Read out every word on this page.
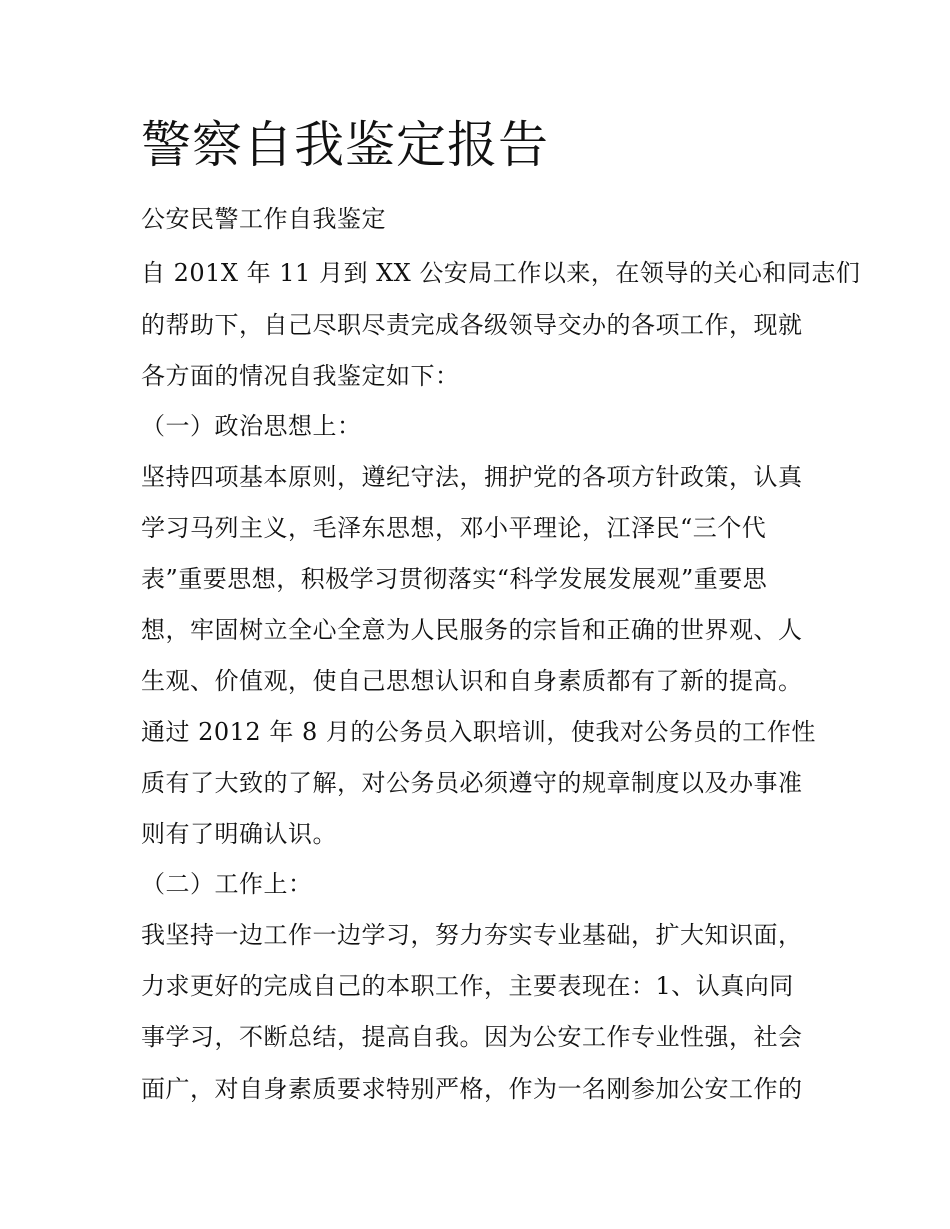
警察自我鉴定报告
公安民警工作自我鉴定
自 201X 年 11 月到 XX 公安局工作以来，在领导的关心和同志们
的帮助下，自己尽职尽责完成各级领导交办的各项工作，现就
各方面的情况自我鉴定如下：
（一）政治思想上：
坚持四项基本原则，遵纪守法，拥护党的各项方针政策，认真
学习马列主义，毛泽东思想，邓小平理论，江泽民“三个代
表”重要思想，积极学习贯彻落实“科学发展发展观”重要思
想，牢固树立全心全意为人民服务的宗旨和正确的世界观、人
生观、价值观，使自己思想认识和自身素质都有了新的提高。
通过 2012 年 8 月的公务员入职培训，使我对公务员的工作性
质有了大致的了解，对公务员必须遵守的规章制度以及办事准
则有了明确认识。
（二）工作上：
我坚持一边工作一边学习，努力夯实专业基础，扩大知识面，
力求更好的完成自己的本职工作，主要表现在：1、认真向同
事学习，不断总结，提高自我。因为公安工作专业性强，社会
面广，对自身素质要求特别严格，作为一名刚参加公安工作的
